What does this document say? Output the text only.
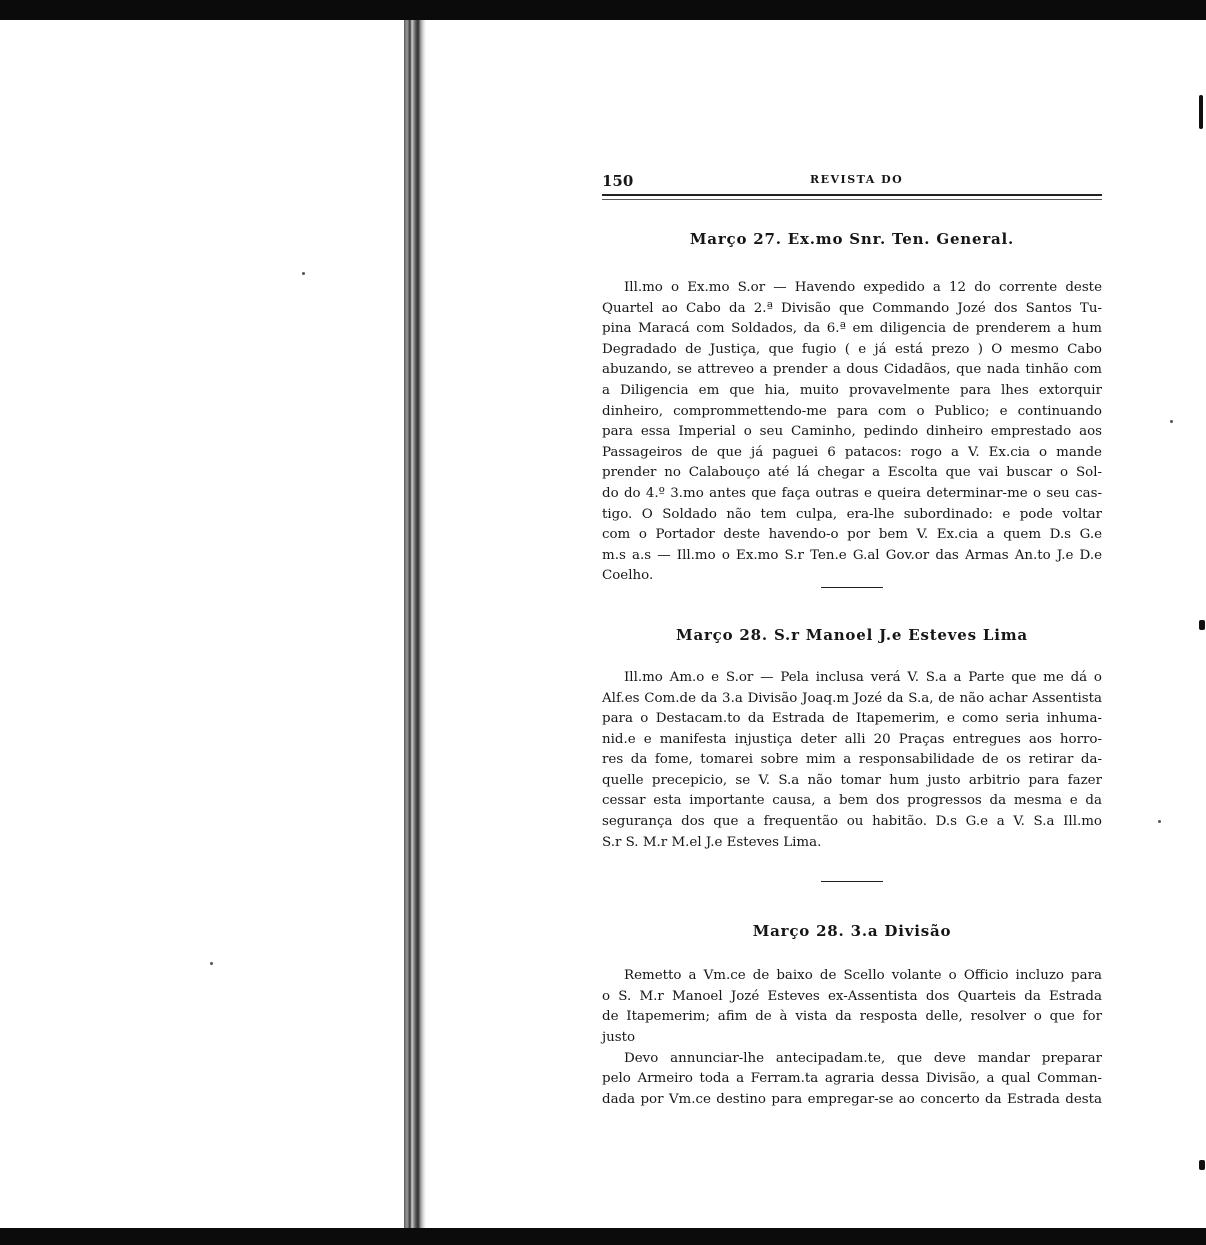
150	REVISTA DO
Março 27. Ex.mo Snr. Ten. General.
Ill.mo o Ex.mo S.or — Havendo expedido a 12 do corrente deste
Quartel ao Cabo da 2.ª Divisão que Commando Jozé dos Santos Tu-
pina Maracá com Soldados, da 6.ª em diligencia de prenderem a hum
Degradado de Justiça, que fugio ( e já está prezo ) O mesmo Cabo
abuzando, se attreveo a prender a dous Cidadãos, que nada tinhão com
a Diligencia em que hia, muito provavelmente para lhes extorquir
dinheiro, comprommettendo-me para com o Publico; e continuando
para essa Imperial o seu Caminho, pedindo dinheiro emprestado aos
Passageiros de que já paguei 6 patacos: rogo a V. Ex.cia o mande
prender no Calabouço até lá chegar a Escolta que vai buscar o Sol-
do do 4.º 3.mo antes que faça outras e queira determinar-me o seu cas-
tigo. O Soldado não tem culpa, era-lhe subordinado: e pode voltar
com o Portador deste havendo-o por bem V. Ex.cia a quem D.s G.e
m.s a.s — Ill.mo o Ex.mo S.r Ten.e G.al Gov.or das Armas An.to J.e D.e
Coelho.
Março 28. S.r Manoel J.e Esteves Lima
Ill.mo Am.o e S.or — Pela inclusa verá V. S.a a Parte que me dá o
Alf.es Com.de da 3.a Divisão Joaq.m Jozé da S.a, de não achar Assentista
para o Destacam.to da Estrada de Itapemerim, e como seria inhuma-
nid.e e manifesta injustiça deter alli 20 Praças entregues aos horro-
res da fome, tomarei sobre mim a responsabilidade de os retirar da-
quelle precepicio, se V. S.a não tomar hum justo arbitrio para fazer
cessar esta importante causa, a bem dos progressos da mesma e da
segurança dos que a frequentão ou habitão. D.s G.e a V. S.a Ill.mo
S.r S. M.r M.el J.e Esteves Lima.
Março 28. 3.a Divisão
Remetto a Vm.ce de baixo de Scello volante o Officio incluzo para
o S. M.r Manoel Jozé Esteves ex-Assentista dos Quarteis da Estrada
de Itapemerim; afim de à vista da resposta delle, resolver o que for
justo
Devo annunciar-lhe antecipadam.te, que deve mandar preparar
pelo Armeiro toda a Ferram.ta agraria dessa Divisão, a qual Comman-
dada por Vm.ce destino para empregar-se ao concerto da Estrada desta
